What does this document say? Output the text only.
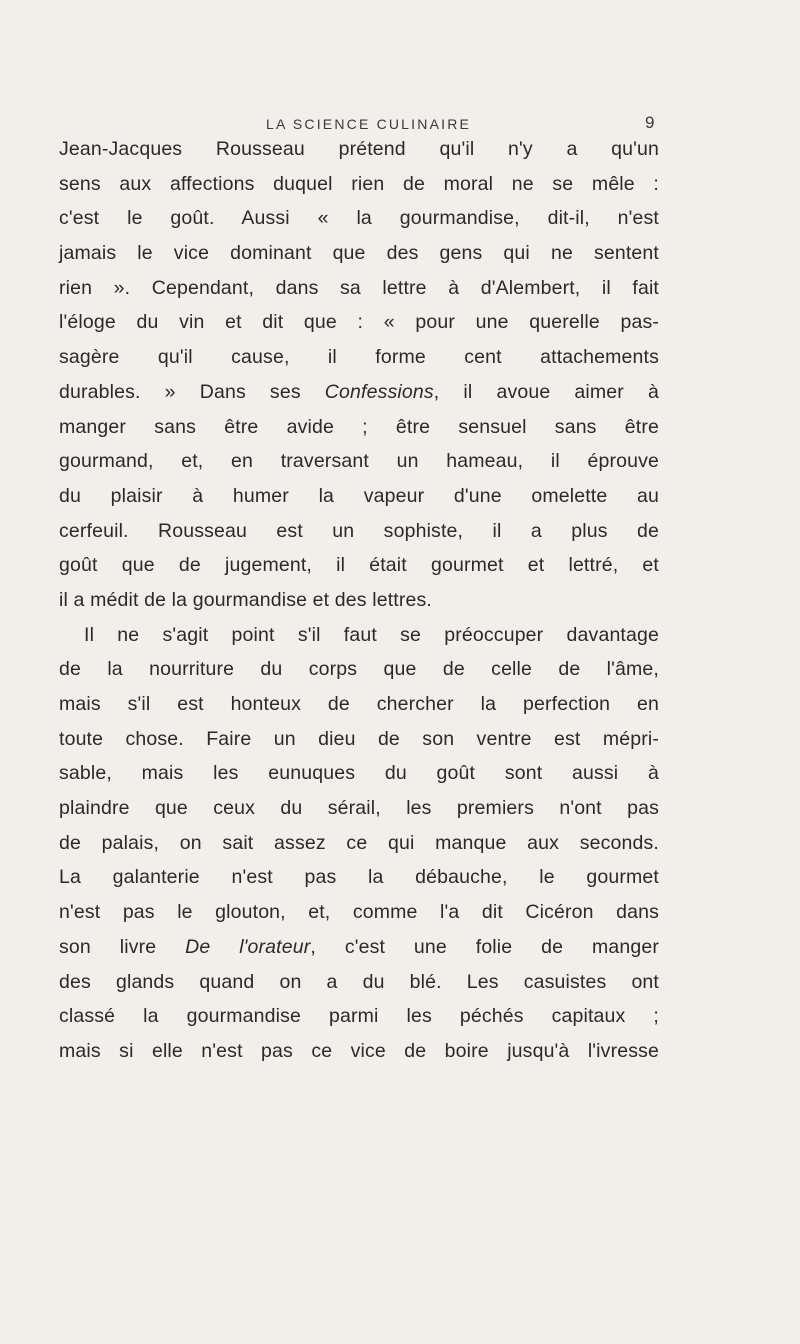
LA SCIENCE CULINAIRE	9
Jean-Jacques Rousseau prétend qu'il n'y a qu'un
sens aux affections duquel rien de moral ne se mêle :
c'est le goût. Aussi « la gourmandise, dit-il, n'est
jamais le vice dominant que des gens qui ne sentent
rien ». Cependant, dans sa lettre à d'Alembert, il fait
l'éloge du vin et dit que : « pour une querelle pas-
sagère qu'il cause, il forme cent attachements
durables. » Dans ses Confessions, il avoue aimer à
manger sans être avide ; être sensuel sans être
gourmand, et, en traversant un hameau, il éprouve
du plaisir à humer la vapeur d'une omelette au
cerfeuil. Rousseau est un sophiste, il a plus de
goût que de jugement, il était gourmet et lettré, et
il a médit de la gourmandise et des lettres.
Il ne s'agit point s'il faut se préoccuper davantage
de la nourriture du corps que de celle de l'âme,
mais s'il est honteux de chercher la perfection en
toute chose. Faire un dieu de son ventre est mépri-
sable, mais les eunuques du goût sont aussi à
plaindre que ceux du sérail, les premiers n'ont pas
de palais, on sait assez ce qui manque aux seconds.
La galanterie n'est pas la débauche, le gourmet
n'est pas le glouton, et, comme l'a dit Cicéron dans
son livre De l'orateur, c'est une folie de manger
des glands quand on a du blé. Les casuistes ont
classé la gourmandise parmi les péchés capitaux ;
mais si elle n'est pas ce vice de boire jusqu'à l'ivresse
